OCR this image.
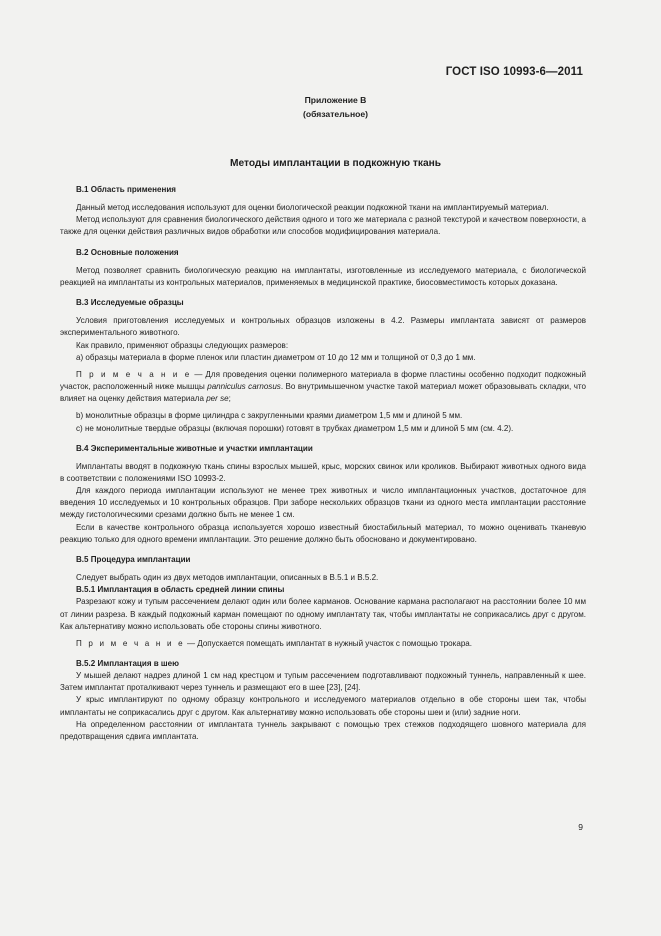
ГОСТ ISO 10993-6—2011
Приложение В
(обязательное)
Методы имплантации в подкожную ткань
В.1 Область применения
Данный метод исследования используют для оценки биологической реакции подкожной ткани на имплантируемый материал.
Метод используют для сравнения биологического действия одного и того же материала с разной текстурой и качеством поверхности, а также для оценки действия различных видов обработки или способов модифицирования материала.
В.2 Основные положения
Метод позволяет сравнить биологическую реакцию на имплантаты, изготовленные из исследуемого материала, с биологической реакцией на имплантаты из контрольных материалов, применяемых в медицинской практике, биосовместимость которых доказана.
В.3 Исследуемые образцы
Условия приготовления исследуемых и контрольных образцов изложены в 4.2. Размеры имплантата зависят от размеров экспериментального животного.
Как правило, применяют образцы следующих размеров:
а) образцы материала в форме пленок или пластин диаметром от 10 до 12 мм и толщиной от 0,3 до 1 мм.
П р и м е ч а н и е — Для проведения оценки полимерного материала в форме пластины особенно подходит подкожный участок, расположенный ниже мышцы panniculus carnosus. Во внутримышечном участке такой материал может образовывать складки, что влияет на оценку действия материала per se;
b) монолитные образцы в форме цилиндра с закругленными краями диаметром 1,5 мм и длиной 5 мм.
с) не монолитные твердые образцы (включая порошки) готовят в трубках диаметром 1,5 мм и длиной 5 мм (см. 4.2).
В.4 Экспериментальные животные и участки имплантации
Имплантаты вводят в подкожную ткань спины взрослых мышей, крыс, морских свинок или кроликов. Выбирают животных одного вида в соответствии с положениями ISO 10993-2.
Для каждого периода имплантации используют не менее трех животных и число имплантационных участков, достаточное для введения 10 исследуемых и 10 контрольных образцов. При заборе нескольких образцов ткани из одного места имплантации расстояние между гистологическими срезами должно быть не менее 1 см.
Если в качестве контрольного образца используется хорошо известный биостабильный материал, то можно оценивать тканевую реакцию только для одного времени имплантации. Это решение должно быть обосновано и документировано.
В.5 Процедура имплантации
Следует выбрать один из двух методов имплантации, описанных в В.5.1 и В.5.2.
В.5.1 Имплантация в область средней линии спины
Разрезают кожу и тупым рассечением делают один или более карманов. Основание кармана располагают на расстоянии более 10 мм от линии разреза. В каждый подкожный карман помещают по одному имплантату так, чтобы имплантаты не соприкасались друг с другом. Как альтернативу можно использовать обе стороны спины животного.
П р и м е ч а н и е — Допускается помещать имплантат в нужный участок с помощью трокара.
В.5.2 Имплантация в шею
У мышей делают надрез длиной 1 см над крестцом и тупым рассечением подготавливают подкожный туннель, направленный к шее. Затем имплантат проталкивают через туннель и размещают его в шее [23], [24].
У крыс имплантируют по одному образцу контрольного и исследуемого материалов отдельно в обе стороны шеи так, чтобы имплантаты не соприкасались друг с другом. Как альтернативу можно использовать обе стороны шеи и (или) задние ноги.
На определенном расстоянии от имплантата туннель закрывают с помощью трех стежков подходящего шовного материала для предотвращения сдвига имплантата.
9
